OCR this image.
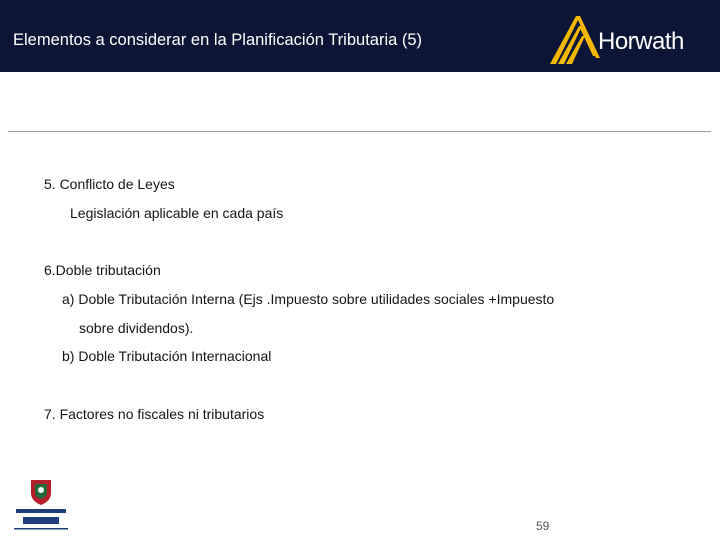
Elementos a considerar en la Planificación Tributaria (5)	Horwath
5. Conflicto de Leyes
Legislación aplicable en cada país
6.Doble tributación
a) Doble Tributación Interna (Ejs .Impuesto sobre utilidades sociales +Impuesto
sobre dividendos).
b) Doble Tributación Internacional
7. Factores no fiscales ni tributarios
59
